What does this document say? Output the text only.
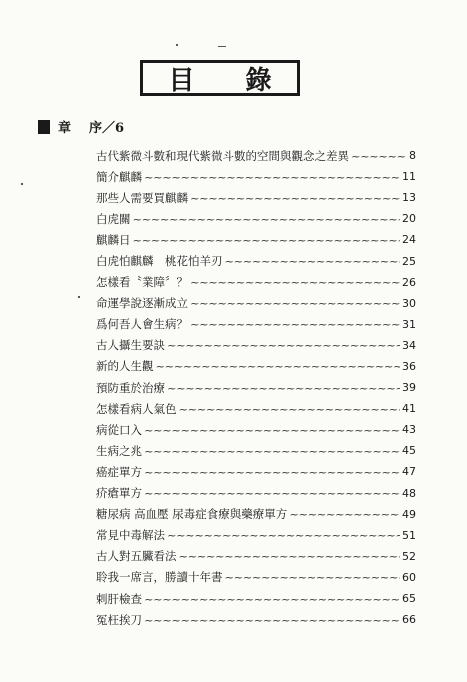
目 錄
章 序／6
古代紫微斗數和現代紫微斗數的空間與觀念之差異 ~~~~~	8
簡介麒麟 ~~~~~	11
那些人需要買麒麟 ~~~~~	13
白虎關 ~~~~~	20
麒麟日 ~~~~~	24
白虎怕麒麟　桃花怕羊刃 ~~~~~	25
怎樣看〝業障〞？ ~~~~~	26
命運學說逐漸成立 ~~~~~	30
爲何吾人會生病？ ~~~~~	31
古人攝生要訣 ~~~~~	34
新的人生觀 ~~~~~	36
預防重於治療 ~~~~~	39
怎樣看病人氣色 ~~~~~	41
病從口入 ~~~~~	43
生病之兆 ~~~~~	45
癌症單方 ~~~~~	47
疥瘡單方 ~~~~~	48
糖尿病 高血壓 尿毒症食療與藥療單方 ~~~~~	49
常見中毒解法 ~~~~~	51
古人對五臟看法 ~~~~~	52
聆我一席言，勝讀十年書 ~~~~~	60
剌肝檢查 ~~~~~	65
冤枉挨刀 ~~~~~	66
